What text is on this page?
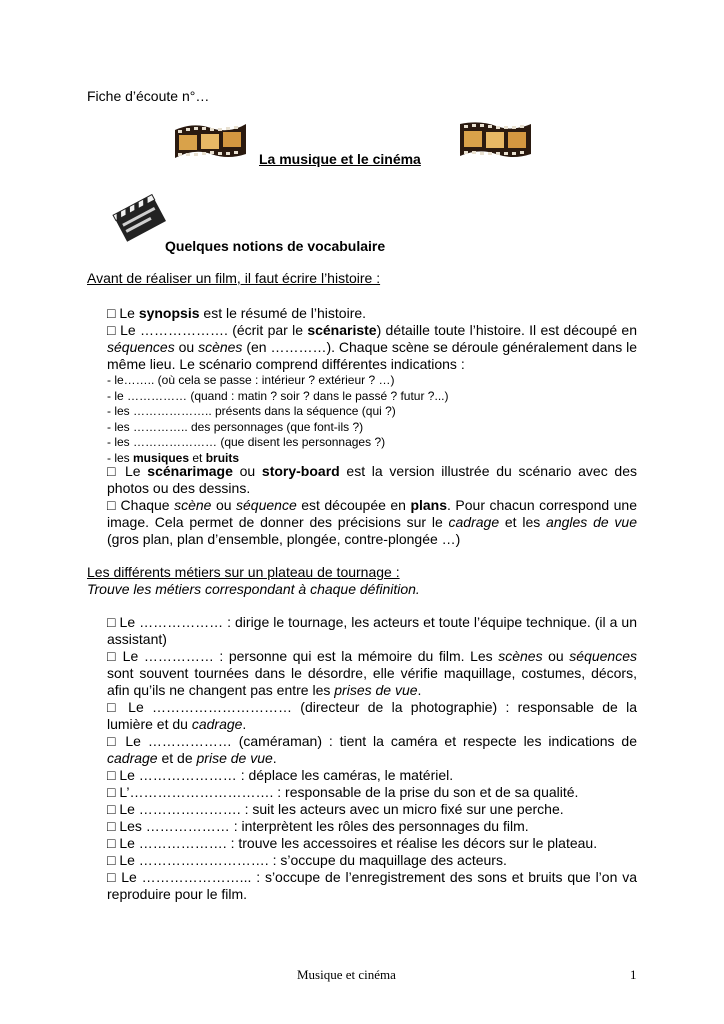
Fiche d’écoute n°…
La musique et le cinéma
Quelques notions de vocabulaire
Avant de réaliser un film, il faut écrire l’histoire :
□ Le synopsis est le résumé de l’histoire.
□ Le ………………. (écrit par le scénariste) détaille toute l’histoire. Il est découpé en séquences ou scènes (en …………). Chaque scène se déroule généralement dans le même lieu. Le scénario comprend différentes indications :
- le…….. (où cela se passe : intérieur ? extérieur ? …)
- le …………… (quand : matin ? soir ? dans le passé ? futur ?...)
- les ……………….. présents dans la séquence (qui ?)
- les ………….. des personnages (que font-ils ?)
- les ………………… (que disent les personnages ?)
- les musiques et bruits
□ Le scénarimage ou story-board est la version illustrée du scénario avec des photos ou des dessins.
□ Chaque scène ou séquence est découpée en plans. Pour chacun correspond une image. Cela permet de donner des précisions sur le cadrage et les angles de vue (gros plan, plan d’ensemble, plongée, contre-plongée …)
Les différents métiers sur un plateau de tournage :
Trouve les métiers correspondant à chaque définition.
□ Le ……………… : dirige le tournage, les acteurs et toute l’équipe technique. (il a un assistant)
□ Le …………… : personne qui est la mémoire du film. Les scènes ou séquences sont souvent tournées dans le désordre, elle vérifie maquillage, costumes, décors, afin qu’ils ne changent pas entre les prises de vue.
□ Le ………………………… (directeur de la photographie) : responsable de la lumière et du cadrage.
□ Le ……………… (caméraman) : tient la caméra et respecte les indications de cadrage et de prise de vue.
□ Le ………………… : déplace les caméras, le matériel.
□ L’…………………………. : responsable de la prise du son et de sa qualité.
□ Le …………………. : suit les acteurs avec un micro fixé sur une perche.
□ Les ……………… : interprètent les rôles des personnages du film.
□ Le ………………. : trouve les accessoires et réalise les décors sur le plateau.
□ Le ………………………. : s’occupe du maquillage des acteurs.
□ Le …………………... : s’occupe de l’enregistrement des sons et bruits que l’on va reproduire pour le film.
Musique et cinéma	1
